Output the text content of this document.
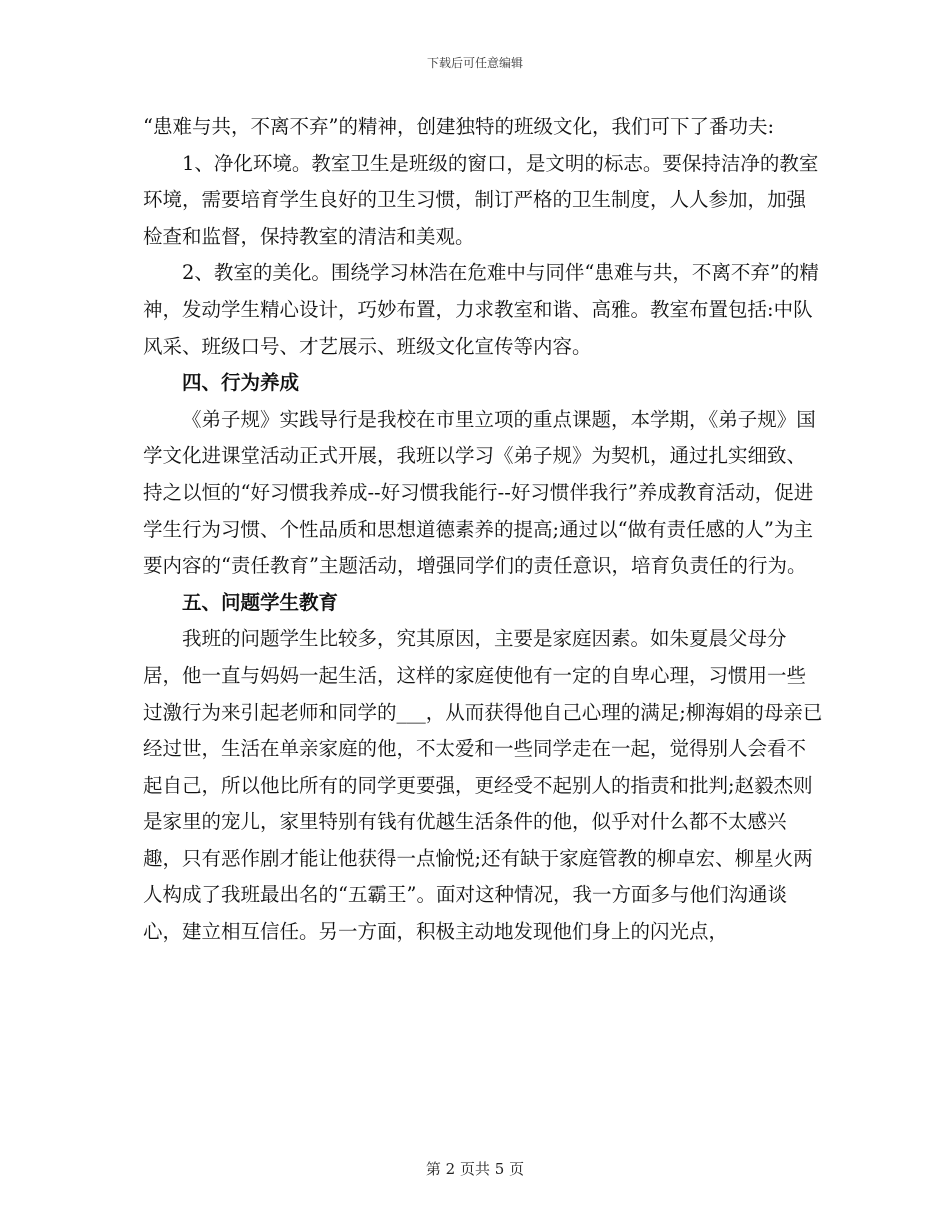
下载后可任意编辑

“患难与共，不离不弃”的精神，创建独特的班级文化，我们可下了番功夫:

1、净化环境。教室卫生是班级的窗口，是文明的标志。要保持洁净的教室环境，需要培育学生良好的卫生习惯，制订严格的卫生制度，人人参加，加强检查和监督，保持教室的清洁和美观。

2、教室的美化。围绕学习林浩在危难中与同伴“患难与共，不离不弃”的精神，发动学生精心设计，巧妙布置，力求教室和谐、高雅。教室布置包括:中队风采、班级口号、才艺展示、班级文化宣传等内容。

四、行为养成

《弟子规》实践导行是我校在市里立项的重点课题，本学期，《弟子规》国学文化进课堂活动正式开展，我班以学习《弟子规》为契机，通过扎实细致、持之以恒的“好习惯我养成--好习惯我能行--好习惯伴我行”养成教育活动，促进学生行为习惯、个性品质和思想道德素养的提高;通过以“做有责任感的人”为主要内容的“责任教育”主题活动，增强同学们的责任意识，培育负责任的行为。

五、问题学生教育

我班的问题学生比较多，究其原因，主要是家庭因素。如朱夏晨父母分居，他一直与妈妈一起生活，这样的家庭使他有一定的自卑心理，习惯用一些过激行为来引起老师和同学的___，从而获得他自己心理的满足;柳海娟的母亲已经过世，生活在单亲家庭的他，不太爱和一些同学走在一起，觉得别人会看不起自己，所以他比所有的同学更要强，更经受不起别人的指责和批判;赵毅杰则是家里的宠儿，家里特别有钱有优越生活条件的他，似乎对什么都不太感兴趣，只有恶作剧才能让他获得一点愉悦;还有缺于家庭管教的柳卓宏、柳星火两人构成了我班最出名的“五霸王”。面对这种情况，我一方面多与他们沟通谈心，建立相互信任。另一方面，积极主动地发现他们身上的闪光点，

第 2 页共 5 页
